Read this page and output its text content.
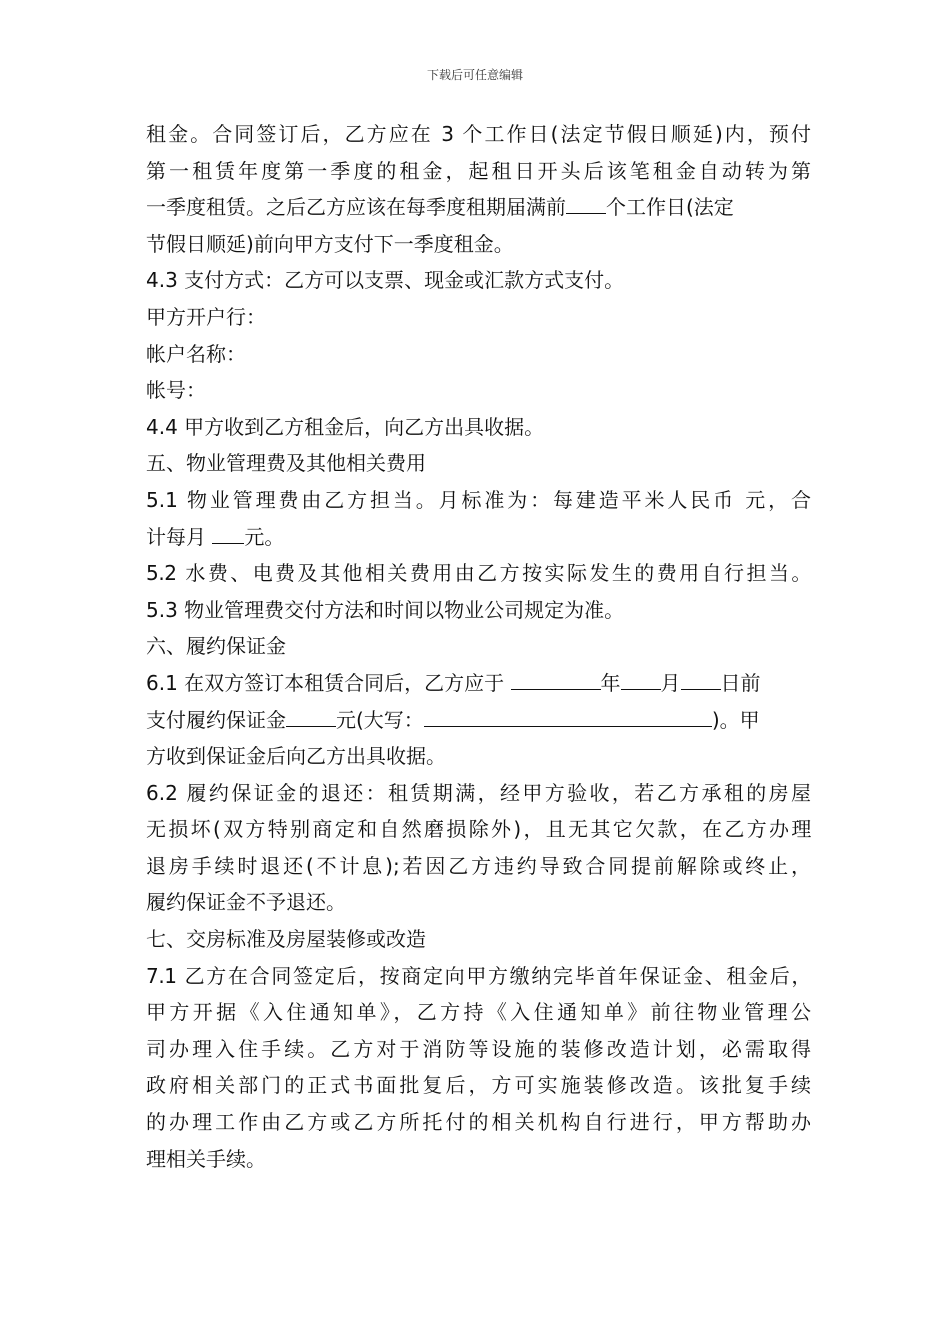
下载后可任意编辑
租金。合同签订后，乙方应在 3 个工作日(法定节假日顺延)内，预付
第一租赁年度第一季度的租金，起租日开头后该笔租金自动转为第
一季度租赁。之后乙方应该在每季度租期届满前 个工作日(法定
节假日顺延)前向甲方支付下一季度租金。
4.3 支付方式：乙方可以支票、现金或汇款方式支付。
甲方开户行：
帐户名称：
帐号：
4.4 甲方收到乙方租金后，向乙方出具收据。
五、物业管理费及其他相关费用
5.1 物业管理费由乙方担当。月标准为：每建造平米人民币 元，合
计每月 元。
5.2 水费、电费及其他相关费用由乙方按实际发生的费用自行担当。
5.3 物业管理费交付方法和时间以物业公司规定为准。
六、履约保证金
6.1 在双方签订本租赁合同后，乙方应于	年 月 日前
支付履约保证金	元(大写：	)。甲
方收到保证金后向乙方出具收据。
6.2 履约保证金的退还：租赁期满，经甲方验收，若乙方承租的房屋
无损坏(双方特别商定和自然磨损除外)，且无其它欠款，在乙方办理
退房手续时退还(不计息);若因乙方违约导致合同提前解除或终止，
履约保证金不予退还。
七、交房标准及房屋装修或改造
7.1 乙方在合同签定后，按商定向甲方缴纳完毕首年保证金、租金后，
甲方开据《入住通知单》，乙方持《入住通知单》前往物业管理公
司办理入住手续。乙方对于消防等设施的装修改造计划，必需取得
政府相关部门的正式书面批复后，方可实施装修改造。该批复手续
的办理工作由乙方或乙方所托付的相关机构自行进行，甲方帮助办
理相关手续。
